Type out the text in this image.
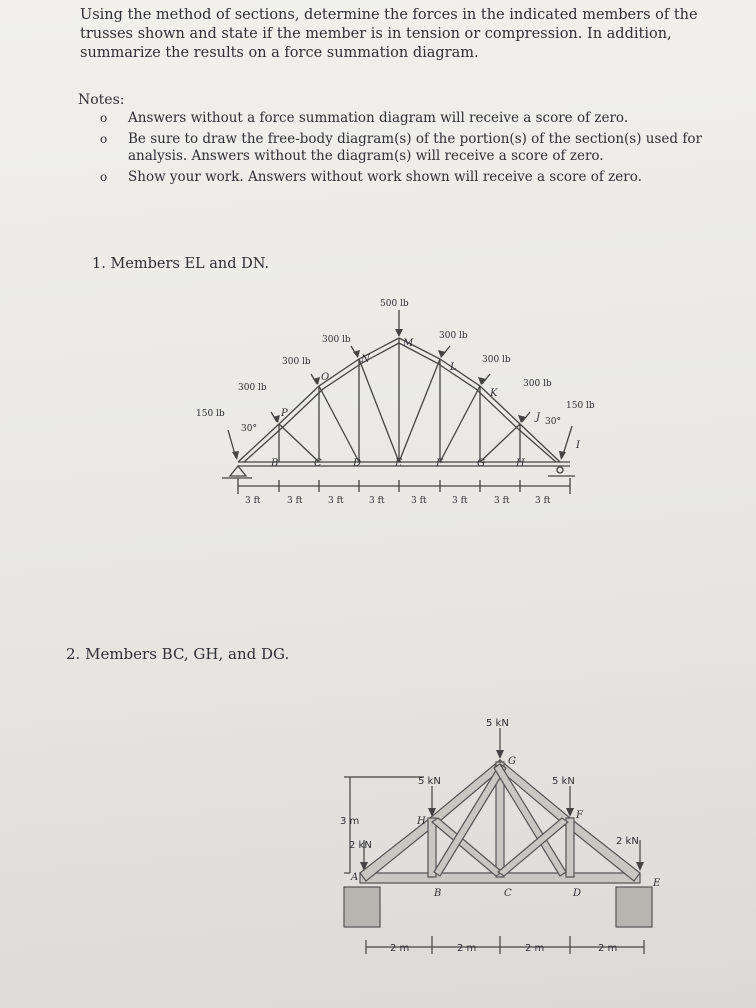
Using the method of sections, determine the forces in the indicated members of the trusses shown and state if the member is in tension or compression. In addition, summarize the results on a force summation diagram.
Notes:
o Answers without a force summation diagram will receive a score of zero.
o Be sure to draw the free-body diagram(s) of the portion(s) of the section(s) used for analysis. Answers without the diagram(s) will receive a score of zero.
o Show your work. Answers without work shown will receive a score of zero.
1. Members EL and DN.
500 lb
300 lb
300 lb
300 lb
300 lb
300 lb
300 lb
150 lb
150 lb
30°
30°
P
O
N
M
L
K
J
I
B	C	D	E	F	G	H
3 ft	3 ft	3 ft	3 ft	3 ft	3 ft	3 ft	3 ft
2. Members BC, GH, and DG.
5 kN
5 kN	5 kN
2 kN	2 kN
3 m
A
B	C	D
E
F
G
H
2 m	2 m	2 m	2 m
